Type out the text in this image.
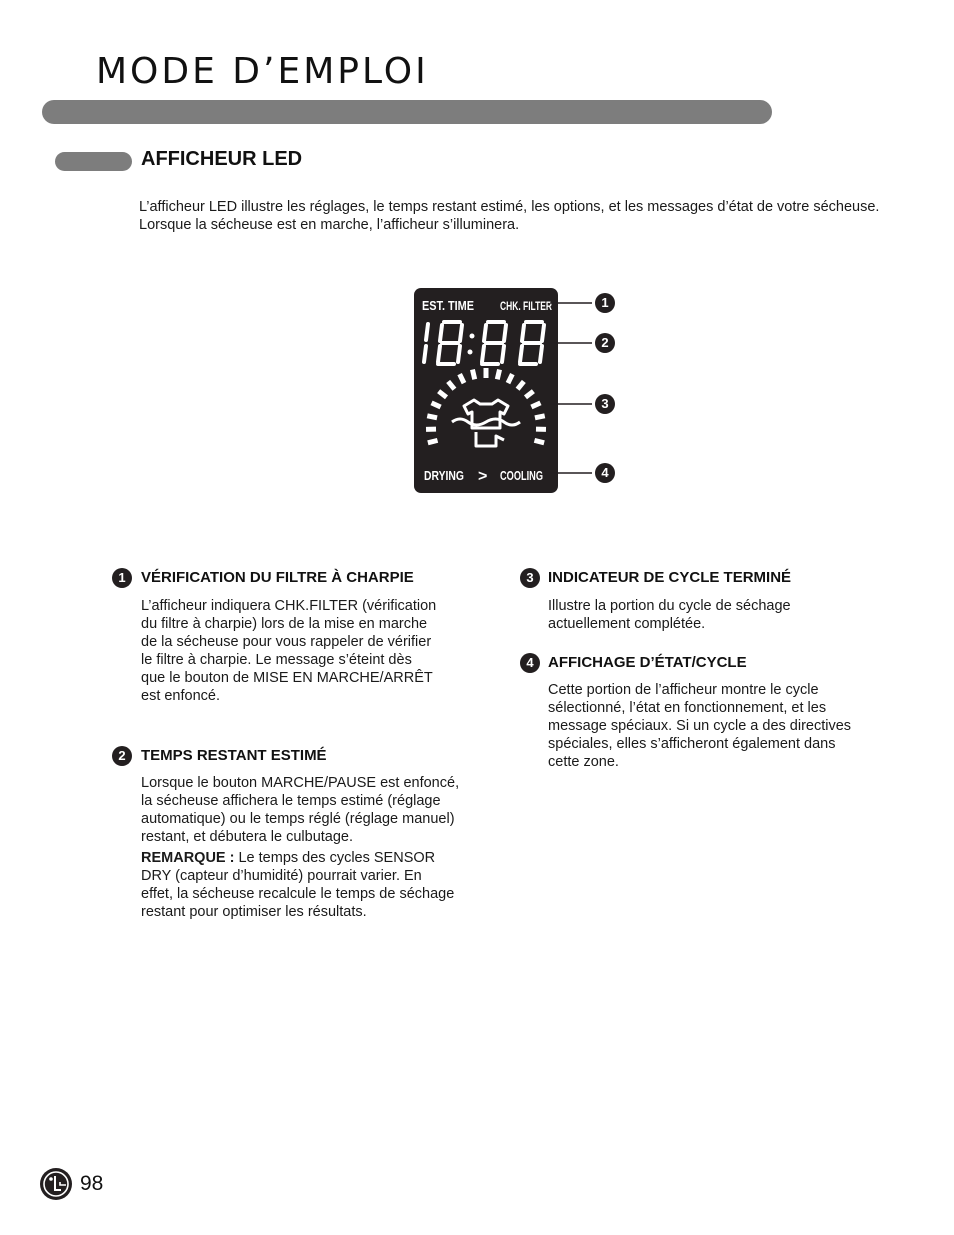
MODE D’EMPLOI
AFFICHEUR LED
L’afficheur LED illustre les réglages, le temps restant estimé, les options, et les messages d’état de votre sécheuse. Lorsque la sécheuse est en marche, l’afficheur s’illuminera.
EST. TIME CHK. FILTER
DRYING > COOLING
1
2
3
4
1	VÉRIFICATION DU FILTRE À CHARPIE
L’afficheur indiquera CHK.FILTER (vérification
du filtre à charpie) lors de la mise en marche
de la sécheuse pour vous rappeler de vérifier
le filtre à charpie. Le message s’éteint dès
que le bouton de MISE EN MARCHE/ARRÊT
est enfoncé.
2	TEMPS RESTANT ESTIMÉ
Lorsque le bouton MARCHE/PAUSE est enfoncé,
la sécheuse affichera le temps estimé (réglage
automatique) ou le temps réglé (réglage manuel)
restant, et débutera le culbutage.
REMARQUE : Le temps des cycles SENSOR
DRY (capteur d’humidité) pourrait varier. En
effet, la sécheuse recalcule le temps de séchage
restant pour optimiser les résultats.
3 INDICATEUR DE CYCLE TERMINÉ
Illustre la portion du cycle de séchage
actuellement complétée.
4 AFFICHAGE D’ÉTAT/CYCLE
Cette portion de l’afficheur montre le cycle
sélectionné, l’état en fonctionnement, et les
message spéciaux. Si un cycle a des directives
spéciales, elles s’afficheront également dans
cette zone.
98
